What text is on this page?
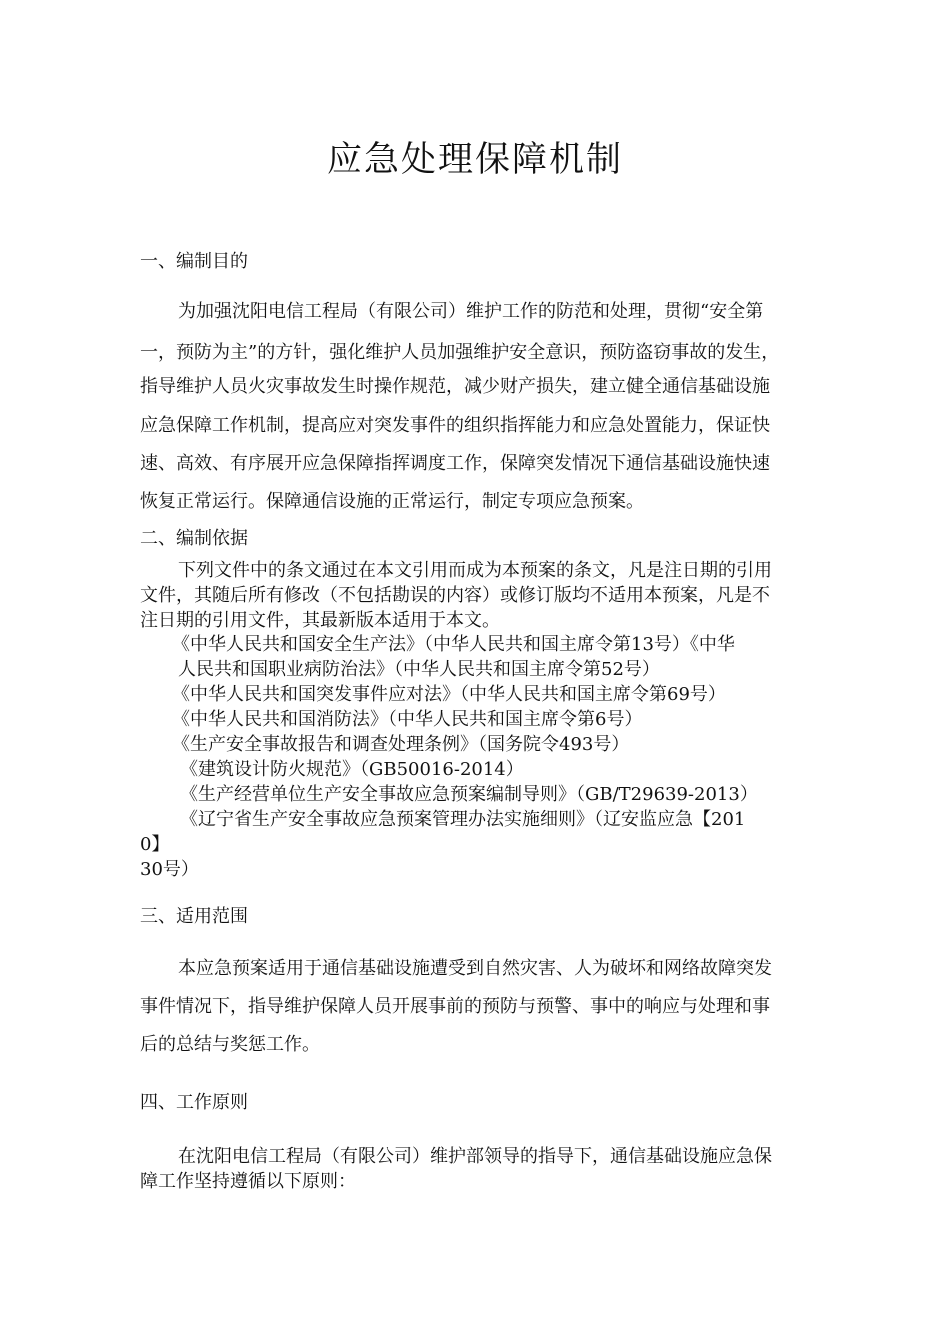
应急处理保障机制
一、编制目的
为加强沈阳电信工程局（有限公司）维护工作的防范和处理，贯彻“安全第
一，预防为主”的方针，强化维护人员加强维护安全意识，预防盗窃事故的发生，
指导维护人员火灾事故发生时操作规范，减少财产损失，建立健全通信基础设施
应急保障工作机制，提高应对突发事件的组织指挥能力和应急处置能力，保证快
速、高效、有序展开应急保障指挥调度工作，保障突发情况下通信基础设施快速
恢复正常运行。保障通信设施的正常运行，制定专项应急预案。
二、编制依据
下列文件中的条文通过在本文引用而成为本预案的条文，凡是注日期的引用
文件，其随后所有修改（不包括勘误的内容）或修订版均不适用本预案，凡是不
注日期的引用文件，其最新版本适用于本文。
《中华人民共和国安全生产法》（中华人民共和国主席令第13号）《中华
人民共和国职业病防治法》（中华人民共和国主席令第52号）
《中华人民共和国突发事件应对法》（中华人民共和国主席令第69号）
《中华人民共和国消防法》（中华人民共和国主席令第6号）
《生产安全事故报告和调查处理条例》（国务院令493号）
《建筑设计防火规范》（GB50016-2014）
《生产经营单位生产安全事故应急预案编制导则》（GB/T29639-2013）
《辽宁省生产安全事故应急预案管理办法实施细则》（辽安监应急【201
0】
30号）
三、适用范围
本应急预案适用于通信基础设施遭受到自然灾害、人为破坏和网络故障突发
事件情况下，指导维护保障人员开展事前的预防与预警、事中的响应与处理和事
后的总结与奖惩工作。
四、工作原则
在沈阳电信工程局（有限公司）维护部领导的指导下，通信基础设施应急保
障工作坚持遵循以下原则：
